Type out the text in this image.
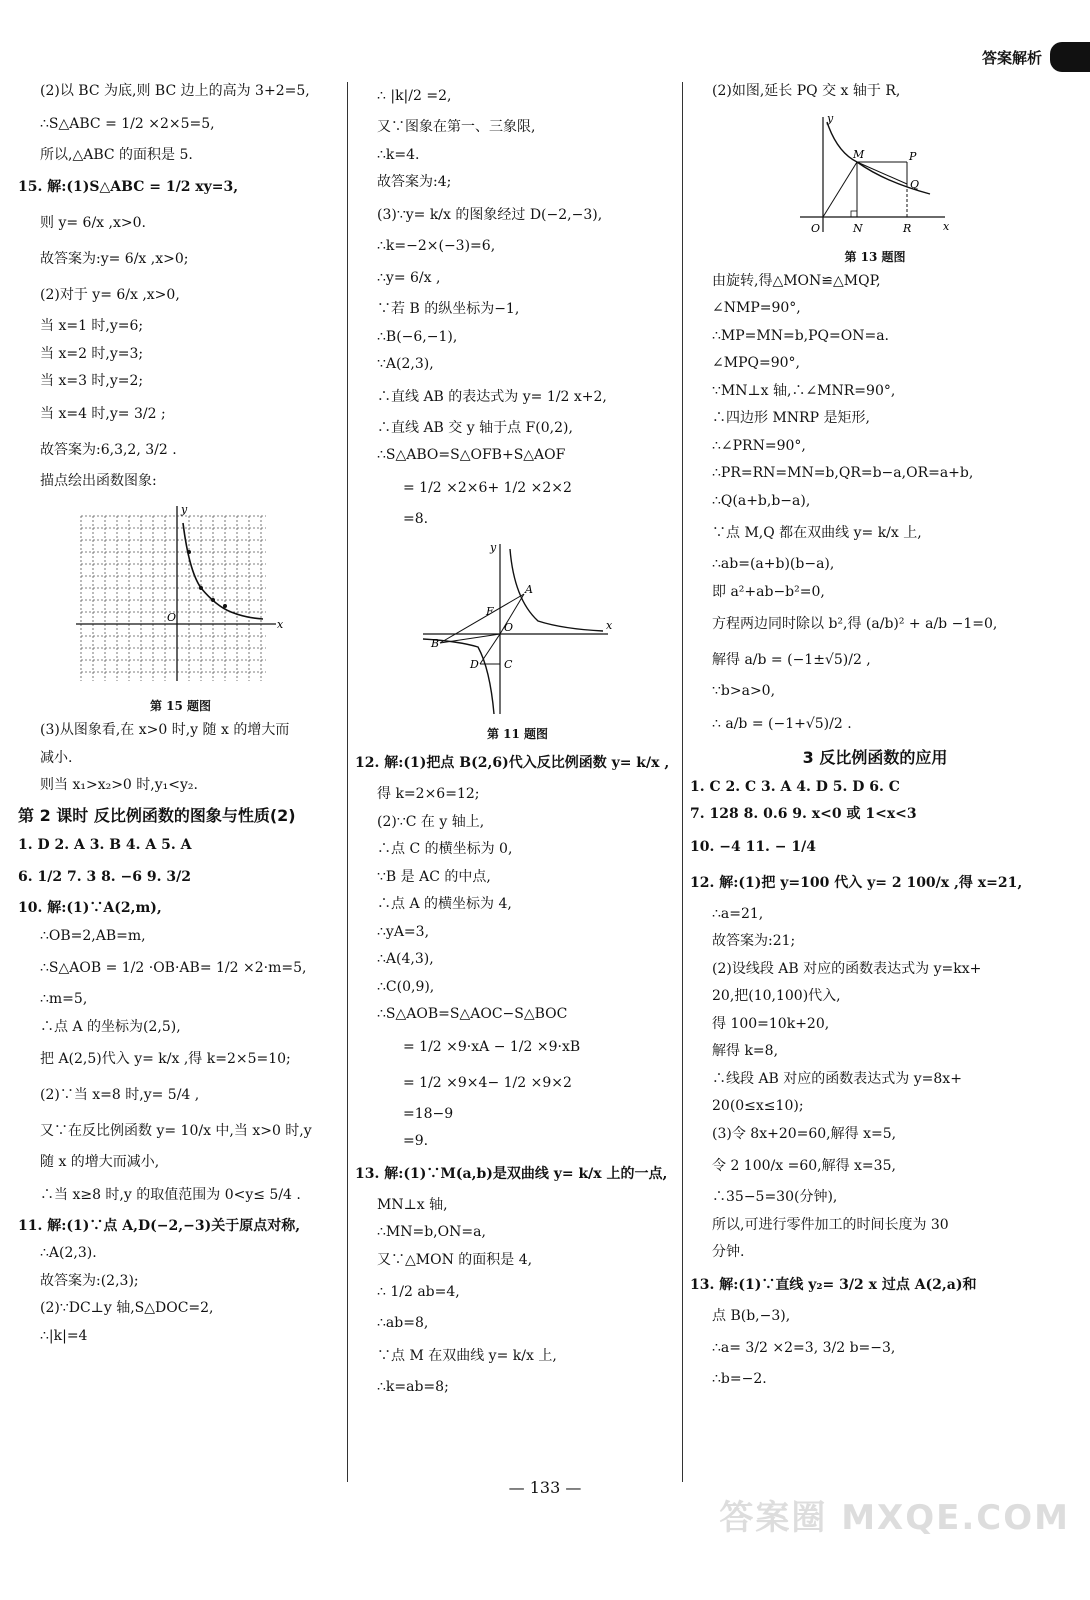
答案解析
(2)以 BC 为底,则 BC 边上的高为 3+2=5,
∴S△ABC = 1/2 ×2×5=5,
所以,△ABC 的面积是 5.
15. 解:(1)S△ABC = 1/2 xy=3,
则 y= 6/x ,x>0.
故答案为:y= 6/x ,x>0;
(2)对于 y= 6/x ,x>0,
当 x=1 时,y=6;
当 x=2 时,y=3;
当 x=3 时,y=2;
当 x=4 时,y= 3/2 ;
故答案为:6,3,2, 3/2 .
描点绘出函数图象:
y
O
x
第 15 题图
(3)从图象看,在 x>0 时,y 随 x 的增大而
减小.
则当 x₁>x₂>0 时,y₁<y₂.
第 2 课时 反比例函数的图象与性质(2)
1. D 2. A 3. B 4. A 5. A
6. 1/2 7. 3 8. −6 9. 3/2
10. 解:(1)∵A(2,m),
∴OB=2,AB=m,
∴S△AOB = 1/2 ·OB·AB= 1/2 ×2·m=5,
∴m=5,
∴点 A 的坐标为(2,5),
把 A(2,5)代入 y= k/x ,得 k=2×5=10;
(2)∵当 x=8 时,y= 5/4 ,
又∵在反比例函数 y= 10/x 中,当 x>0 时,y
随 x 的增大而减小,
∴当 x≥8 时,y 的取值范围为 0<y≤ 5/4 .
11. 解:(1)∵点 A,D(−2,−3)关于原点对称,
∴A(2,3).
故答案为:(2,3);
(2)∵DC⊥y 轴,S△DOC=2,
∴|k|=4
∴ |k|/2 =2,
又∵图象在第一、三象限,
∴k=4.
故答案为:4;
(3)∵y= k/x 的图象经过 D(−2,−3),
∴k=−2×(−3)=6,
∴y= 6/x ,
∵若 B 的纵坐标为−1,
∴B(−6,−1),
∵A(2,3),
∴直线 AB 的表达式为 y= 1/2 x+2,
∴直线 AB 交 y 轴于点 F(0,2),
∴S△ABO=S△OFB+S△AOF
= 1/2 ×2×6+ 1/2 ×2×2
=8.
A
B
C
D
F
O	x
y
第 11 题图
12. 解:(1)把点 B(2,6)代入反比例函数 y= k/x ,
得 k=2×6=12;
(2)∵C 在 y 轴上,
∴点 C 的横坐标为 0,
∵B 是 AC 的中点,
∴点 A 的横坐标为 4,
∴yA=3,
∴A(4,3),
∴C(0,9),
∴S△AOB=S△AOC−S△BOC
= 1/2 ×9·xA − 1/2 ×9·xB
= 1/2 ×9×4− 1/2 ×9×2
=18−9
=9.
13. 解:(1)∵M(a,b)是双曲线 y= k/x 上的一点,
MN⊥x 轴,
∴MN=b,ON=a,
又∵△MON 的面积是 4,
∴ 1/2 ab=4,
∴ab=8,
∵点 M 在双曲线 y= k/x 上,
∴k=ab=8;
(2)如图,延长 PQ 交 x 轴于 R,
M	P
Q
N	R
O	x
y
第 13 题图
由旋转,得△MON≌△MQP,
∠NMP=90°,
∴MP=MN=b,PQ=ON=a.
∠MPQ=90°,
∵MN⊥x 轴,∴∠MNR=90°,
∴四边形 MNRP 是矩形,
∴∠PRN=90°,
∴PR=RN=MN=b,QR=b−a,OR=a+b,
∴Q(a+b,b−a),
∵点 M,Q 都在双曲线 y= k/x 上,
∴ab=(a+b)(b−a),
即 a²+ab−b²=0,
方程两边同时除以 b²,得 (a/b)² + a/b −1=0,
解得 a/b = (−1±√5)/2 ,
∵b>a>0,
∴ a/b = (−1+√5)/2 .
3 反比例函数的应用
1. C 2. C 3. A 4. D 5. D 6. C
7. 128 8. 0.6 9. x<0 或 1<x<3
10. −4 11. − 1/4
12. 解:(1)把 y=100 代入 y= 2 100/x ,得 x=21,
∴a=21,
故答案为:21;
(2)设线段 AB 对应的函数表达式为 y=kx+
20,把(10,100)代入,
得 100=10k+20,
解得 k=8,
∴线段 AB 对应的函数表达式为 y=8x+
20(0≤x≤10);
(3)令 8x+20=60,解得 x=5,
令 2 100/x =60,解得 x=35,
∴35−5=30(分钟),
所以,可进行零件加工的时间长度为 30
分钟.
13. 解:(1)∵直线 y₂= 3/2 x 过点 A(2,a)和
点 B(b,−3),
∴a= 3/2 ×2=3, 3/2 b=−3,
∴b=−2.
— 133 —
答案圈 MXQE.COM
